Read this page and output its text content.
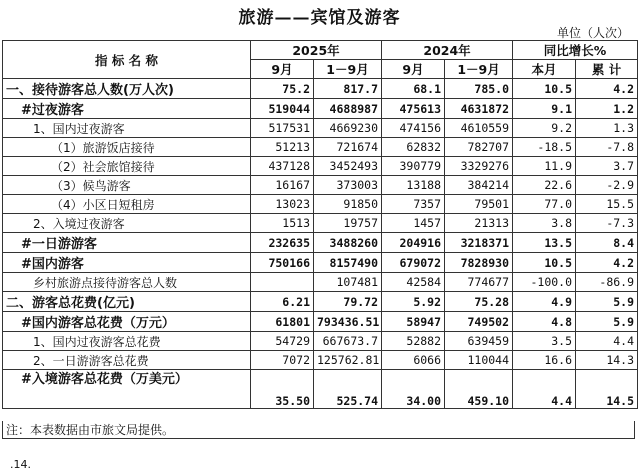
旅游——宾馆及游客
单位（人次）
指 标 名 称	2025年		2024年		同比增长%	
	9月	1－9月	9月	1－9月	本月	累 计
一、接待游客总人数(万人次)	75.2	817.7	68.1	785.0	10.5	4.2
#过夜游客	519044	4688987	475613	4631872	9.1	1.2
1、国内过夜游客	517531	4669230	474156	4610559	9.2	1.3
（1）旅游饭店接待	51213	721674	62832	782707	-18.5	-7.8
（2）社会旅馆接待	437128	3452493	390779	3329276	11.9	3.7
（3）候鸟游客	16167	373003	13188	384214	22.6	-2.9
（4）小区日短租房	13023	91850	7357	79501	77.0	15.5
2、入境过夜游客	1513	19757	1457	21313	3.8	-7.3
#一日游游客	232635	3488260	204916	3218371	13.5	8.4
#国内游客	750166	8157490	679072	7828930	10.5	4.2
乡村旅游点接待游客总人数		107481	42584	774677	-100.0	-86.9
二、游客总花费(亿元)	6.21	79.72	5.92	75.28	4.9	5.9
#国内游客总花费（万元）	61801	793436.51	58947	749502	4.8	5.9
1、国内过夜游客总花费	54729	667673.7	52882	639459	3.5	4.4
2、一日游游客总花费	7072	125762.81	6066	110044	16.6	14.3
#入境游客总花费（万美元）	35.50	525.74	34.00	459.10	4.4	14.5
注：本表数据由市旅文局提供。
.14.
